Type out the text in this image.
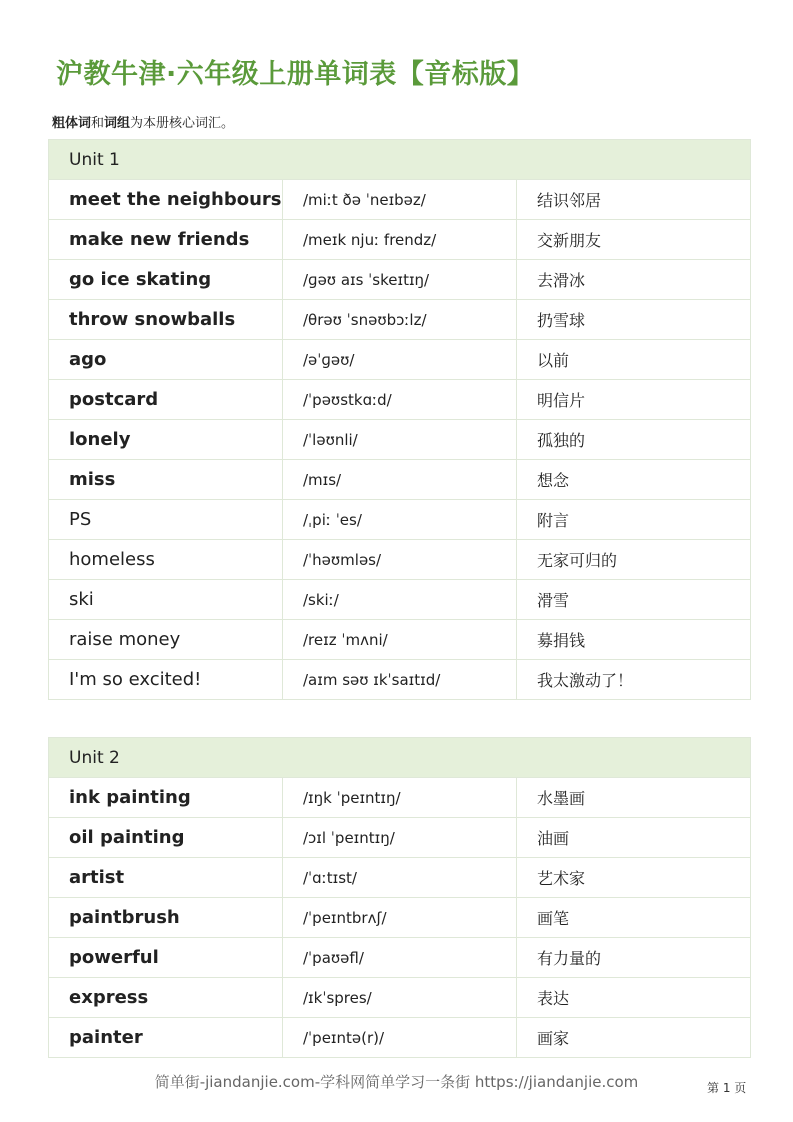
沪教牛津·六年级上册单词表【音标版】
粗体词和词组为本册核心词汇。
Unit 1		
meet the neighbours	/miːt ðə ˈneɪbəz/	结识邻居
make new friends	/meɪk njuː frendz/	交新朋友
go ice skating	/ɡəʊ aɪs ˈskeɪtɪŋ/	去滑冰
throw snowballs	/θrəʊ ˈsnəʊbɔːlz/	扔雪球
ago	/əˈɡəʊ/	以前
postcard	/ˈpəʊstkɑːd/	明信片
lonely	/ˈləʊnli/	孤独的
miss	/mɪs/	想念
PS	/ˌpiː ˈes/	附言
homeless	/ˈhəʊmləs/	无家可归的
ski	/skiː/	滑雪
raise money	/reɪz ˈmʌni/	募捐钱
I'm so excited!	/aɪm səʊ ɪkˈsaɪtɪd/	我太激动了！
Unit 2		
ink painting	/ɪŋk ˈpeɪntɪŋ/	水墨画
oil painting	/ɔɪl ˈpeɪntɪŋ/	油画
artist	/ˈɑːtɪst/	艺术家
paintbrush	/ˈpeɪntbrʌʃ/	画笔
powerful	/ˈpaʊəfl/	有力量的
express	/ɪkˈspres/	表达
painter	/ˈpeɪntə(r)/	画家
简单街-jiandanjie.com-学科网简单学习一条街 https://jiandanjie.com	第 1 页
